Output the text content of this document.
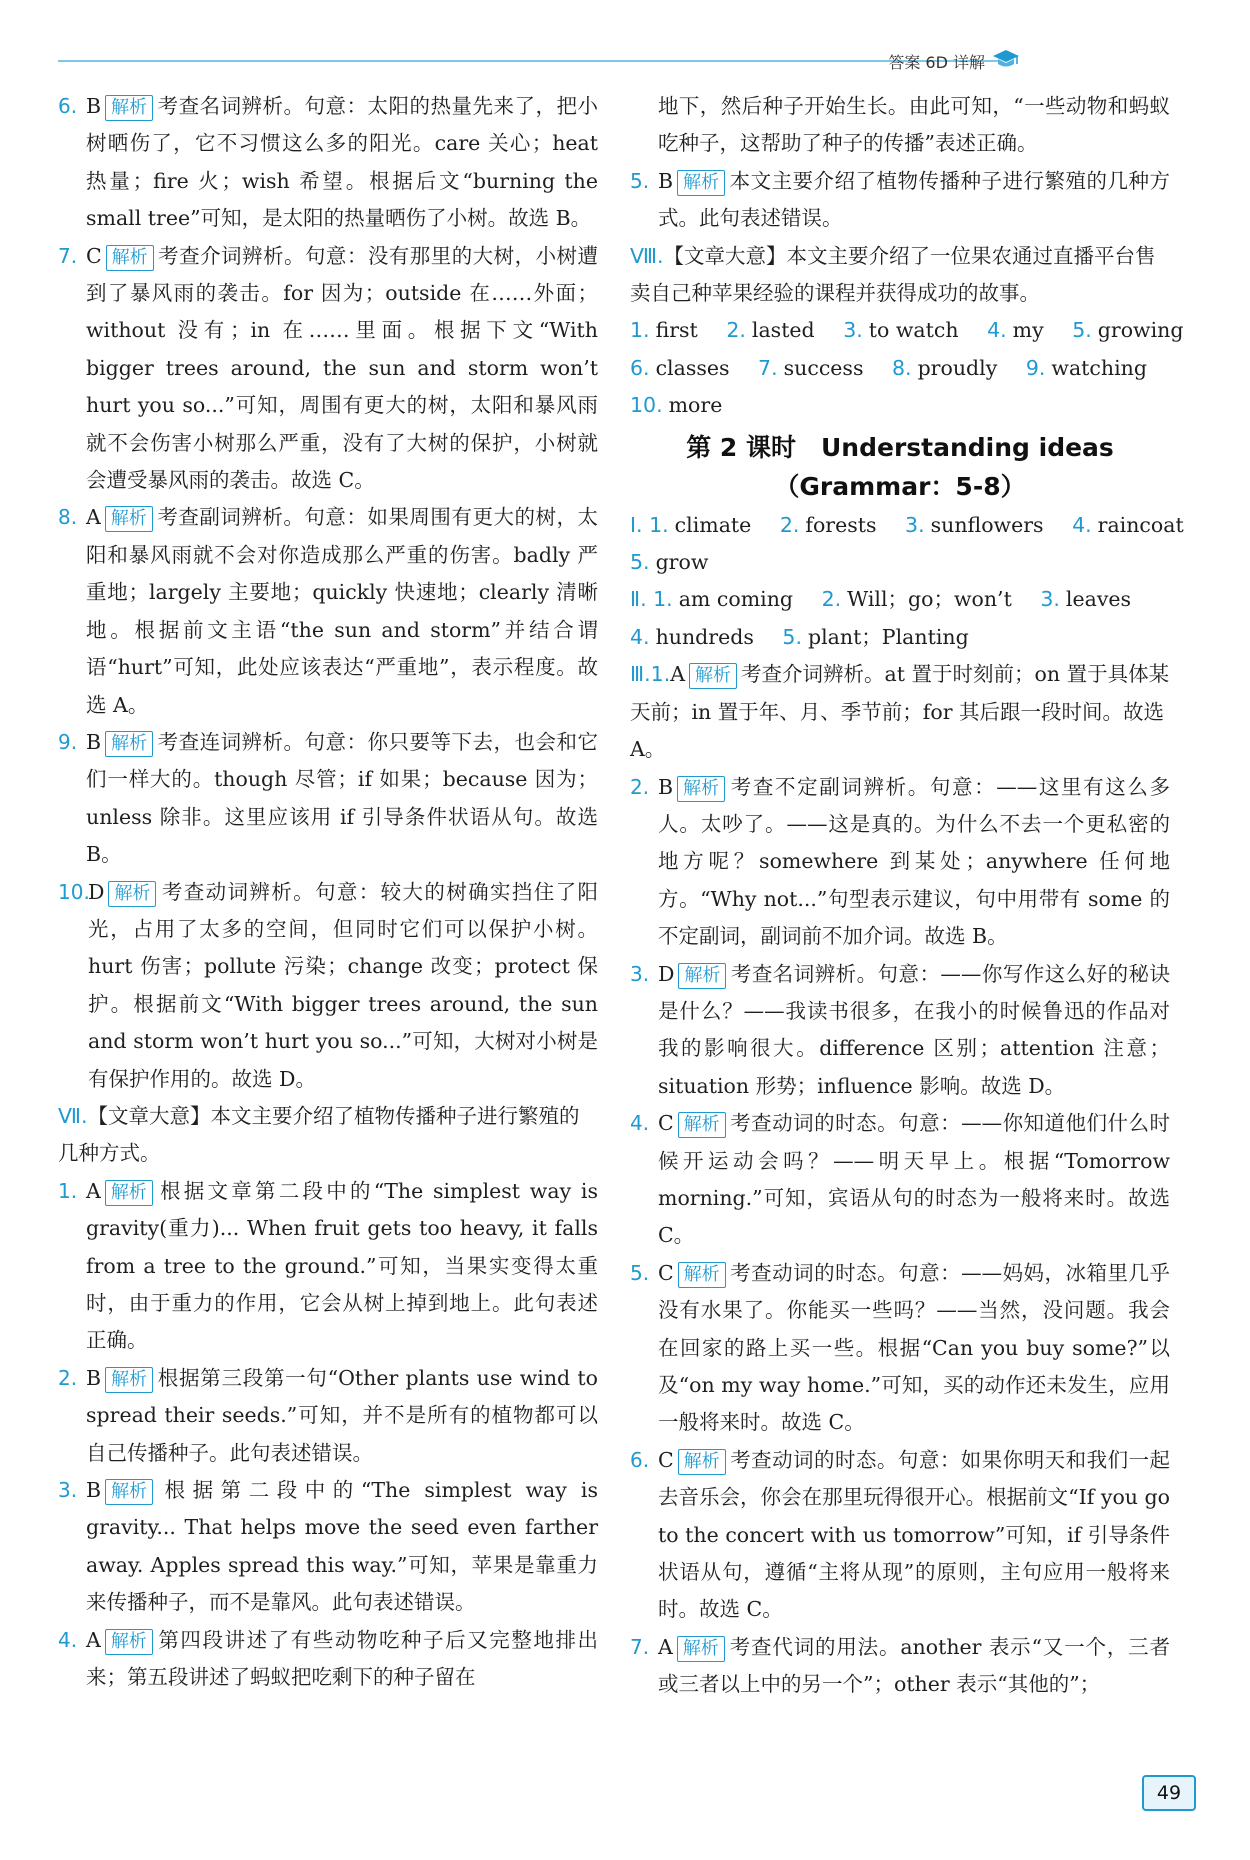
答案 6D 详解

6. B 解析 考查名词辨析。句意：太阳的热量先来了，把小树晒伤了，它不习惯这么多的阳光。care 关心；heat 热量；fire 火；wish 希望。根据后文“burning the small tree”可知，是太阳的热量晒伤了小树。故选 B。

7. C 解析 考查介词辨析。句意：没有那里的大树，小树遭到了暴风雨的袭击。for 因为；outside 在……外面；without 没有；in 在……里面。根据下文“With bigger trees around, the sun and storm won’t hurt you so...”可知，周围有更大的树，太阳和暴风雨就不会伤害小树那么严重，没有了大树的保护，小树就会遭受暴风雨的袭击。故选 C。

8. A 解析 考查副词辨析。句意：如果周围有更大的树，太阳和暴风雨就不会对你造成那么严重的伤害。badly 严重地；largely 主要地；quickly 快速地；clearly 清晰地。根据前文主语“the sun and storm”并结合谓语“hurt”可知，此处应该表达“严重地”，表示程度。故选 A。

9. B 解析 考查连词辨析。句意：你只要等下去，也会和它们一样大的。though 尽管；if 如果；because 因为；unless 除非。这里应该用 if 引导条件状语从句。故选 B。

10.
D 解析 考查动词辨析。句意：较大的树确实挡住了阳光，占用了太多的空间，但同时它们可以保护小树。hurt 伤害；pollute 污染；change 改变；protect 保护。根据前文“With bigger trees around, the sun and storm won’t hurt you so...”可知，大树对小树是有保护作用的。故选 D。

Ⅶ.【文章大意】本文主要介绍了植物传播种子进行繁殖的几种方式。

1. A 解析 根据文章第二段中的“The simplest way is gravity(重力)... When fruit gets too heavy, it falls from a tree to the ground.”可知，当果实变得太重时，由于重力的作用，它会从树上掉到地上。此句表述正确。

2. B 解析 根据第三段第一句“Other plants use wind to spread their seeds.”可知，并不是所有的植物都可以自己传播种子。此句表述错误。

3. B 解析 根据第二段中的“The simplest way is gravity... That helps move the seed even farther away. Apples spread this way.”可知，苹果是靠重力来传播种子，而不是靠风。此句表述错误。

4. A 解析 第四段讲述了有些动物吃种子后又完整地排出来；第五段讲述了蚂蚁把吃剩下的种子留在

地下，然后种子开始生长。由此可知，“一些动物和蚂蚁吃种子，这帮助了种子的传播”表述正确。

5. B 解析 本文主要介绍了植物传播种子进行繁殖的几种方式。此句表述错误。

Ⅷ.【文章大意】本文主要介绍了一位果农通过直播平台售卖自己种苹果经验的课程并获得成功的故事。

1. first 2. lasted 3. to watch 4. my 5. growing

6. classes 7. success 8. proudly 9. watching

10. more

第 2 课时　Understanding ideas

（Grammar：5-8）

Ⅰ. 1. climate 2. forests 3. sunflowers 4. raincoat

5. grow

Ⅱ. 1. am coming 2. Will；go；won’t 3. leaves

4. hundreds 5. plant；Planting

Ⅲ.1.A 解析 考查介词辨析。at 置于时刻前；on 置于具体某天前；in 置于年、月、季节前；for 其后跟一段时间。故选 A。

2. B 解析 考查不定副词辨析。句意：——这里有这么多人。太吵了。——这是真的。为什么不去一个更私密的地方呢？somewhere 到某处；anywhere 任何地方。“Why not...”句型表示建议，句中用带有 some 的不定副词，副词前不加介词。故选 B。

3. D 解析 考查名词辨析。句意：——你写作这么好的秘诀是什么？——我读书很多，在我小的时候鲁迅的作品对我的影响很大。difference 区别；attention 注意；situation 形势；influence 影响。故选 D。

4. C 解析 考查动词的时态。句意：——你知道他们什么时候开运动会吗？——明天早上。根据“Tomorrow morning.”可知，宾语从句的时态为一般将来时。故选 C。

5. C 解析 考查动词的时态。句意：——妈妈，冰箱里几乎没有水果了。你能买一些吗？——当然，没问题。我会在回家的路上买一些。根据“Can you buy some?”以及“on my way home.”可知，买的动作还未发生，应用一般将来时。故选 C。

6. C 解析 考查动词的时态。句意：如果你明天和我们一起去音乐会，你会在那里玩得很开心。根据前文“If you go to the concert with us tomorrow”可知，if 引导条件状语从句，遵循“主将从现”的原则，主句应用一般将来时。故选 C。

7. A 解析 考查代词的用法。another 表示“又一个，三者或三者以上中的另一个”；other 表示“其他的”；

49
